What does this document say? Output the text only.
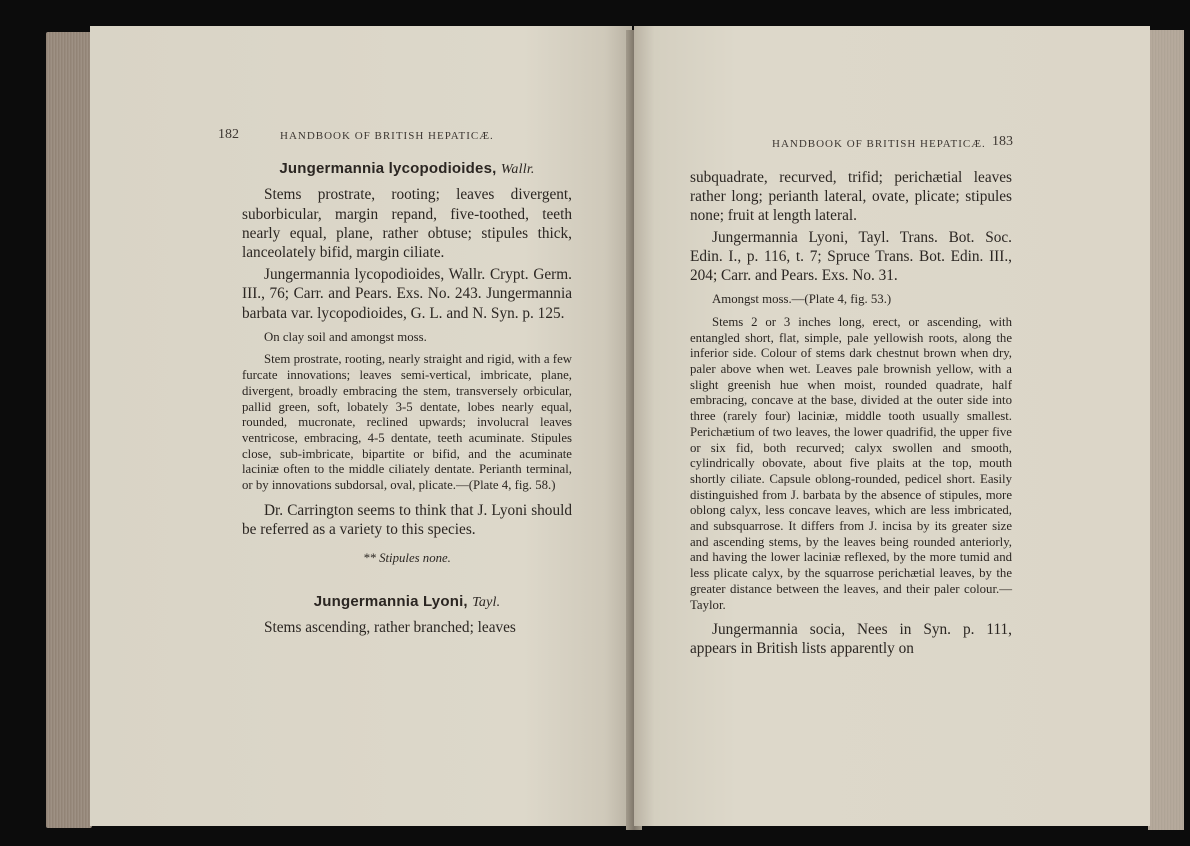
182	HANDBOOK OF BRITISH HEPATICÆ.
Jungermannia lycopodioides, Wallr.

Stems prostrate, rooting; leaves divergent, suborbicular, margin repand, five-toothed, teeth nearly equal, plane, rather obtuse; stipules thick, lanceolately bifid, margin ciliate.

Jungermannia lycopodioides, Wallr. Crypt. Germ. III., 76; Carr. and Pears. Exs. No. 243. Jungermannia barbata var. lycopodioides, G. L. and N. Syn. p. 125.

On clay soil and amongst moss.

Stem prostrate, rooting, nearly straight and rigid, with a few furcate innovations; leaves semi-vertical, imbricate, plane, divergent, broadly embracing the stem, transversely orbicular, pallid green, soft, lobately 3-5 dentate, lobes nearly equal, rounded, mucronate, reclined upwards; involucral leaves ventricose, embracing, 4-5 dentate, teeth acuminate. Stipules close, sub-imbricate, bipartite or bifid, and the acuminate laciniæ often to the middle ciliately dentate. Perianth terminal, or by innovations subdorsal, oval, plicate.—(Plate 4, fig. 58.)

Dr. Carrington seems to think that J. Lyoni should be referred as a variety to this species.

** Stipules none.

Jungermannia Lyoni, Tayl.

Stems ascending, rather branched; leaves

HANDBOOK OF BRITISH HEPATICÆ. 183

subquadrate, recurved, trifid; perichætial leaves rather long; perianth lateral, ovate, plicate; stipules none; fruit at length lateral.

Jungermannia Lyoni, Tayl. Trans. Bot. Soc. Edin. I., p. 116, t. 7; Spruce Trans. Bot. Edin. III., 204; Carr. and Pears. Exs. No. 31.

Amongst moss.—(Plate 4, fig. 53.)

Stems 2 or 3 inches long, erect, or ascending, with entangled short, flat, simple, pale yellowish roots, along the inferior side. Colour of stems dark chestnut brown when dry, paler above when wet. Leaves pale brownish yellow, with a slight greenish hue when moist, rounded quadrate, half embracing, concave at the base, divided at the outer side into three (rarely four) laciniæ, middle tooth usually smallest. Perichætium of two leaves, the lower quadrifid, the upper five or six fid, both recurved; calyx swollen and smooth, cylindrically obovate, about five plaits at the top, mouth shortly ciliate. Capsule oblong-rounded, pedicel short. Easily distinguished from J. barbata by the absence of stipules, more oblong calyx, less concave leaves, which are less imbricated, and subsquarrose. It differs from J. incisa by its greater size and ascending stems, by the leaves being rounded anteriorly, and having the lower laciniæ reflexed, by the more tumid and less plicate calyx, by the squarrose perichætial leaves, by the greater distance between the leaves, and their paler colour.—Taylor.

Jungermannia socia, Nees in Syn. p. 111, appears in British lists apparently on
